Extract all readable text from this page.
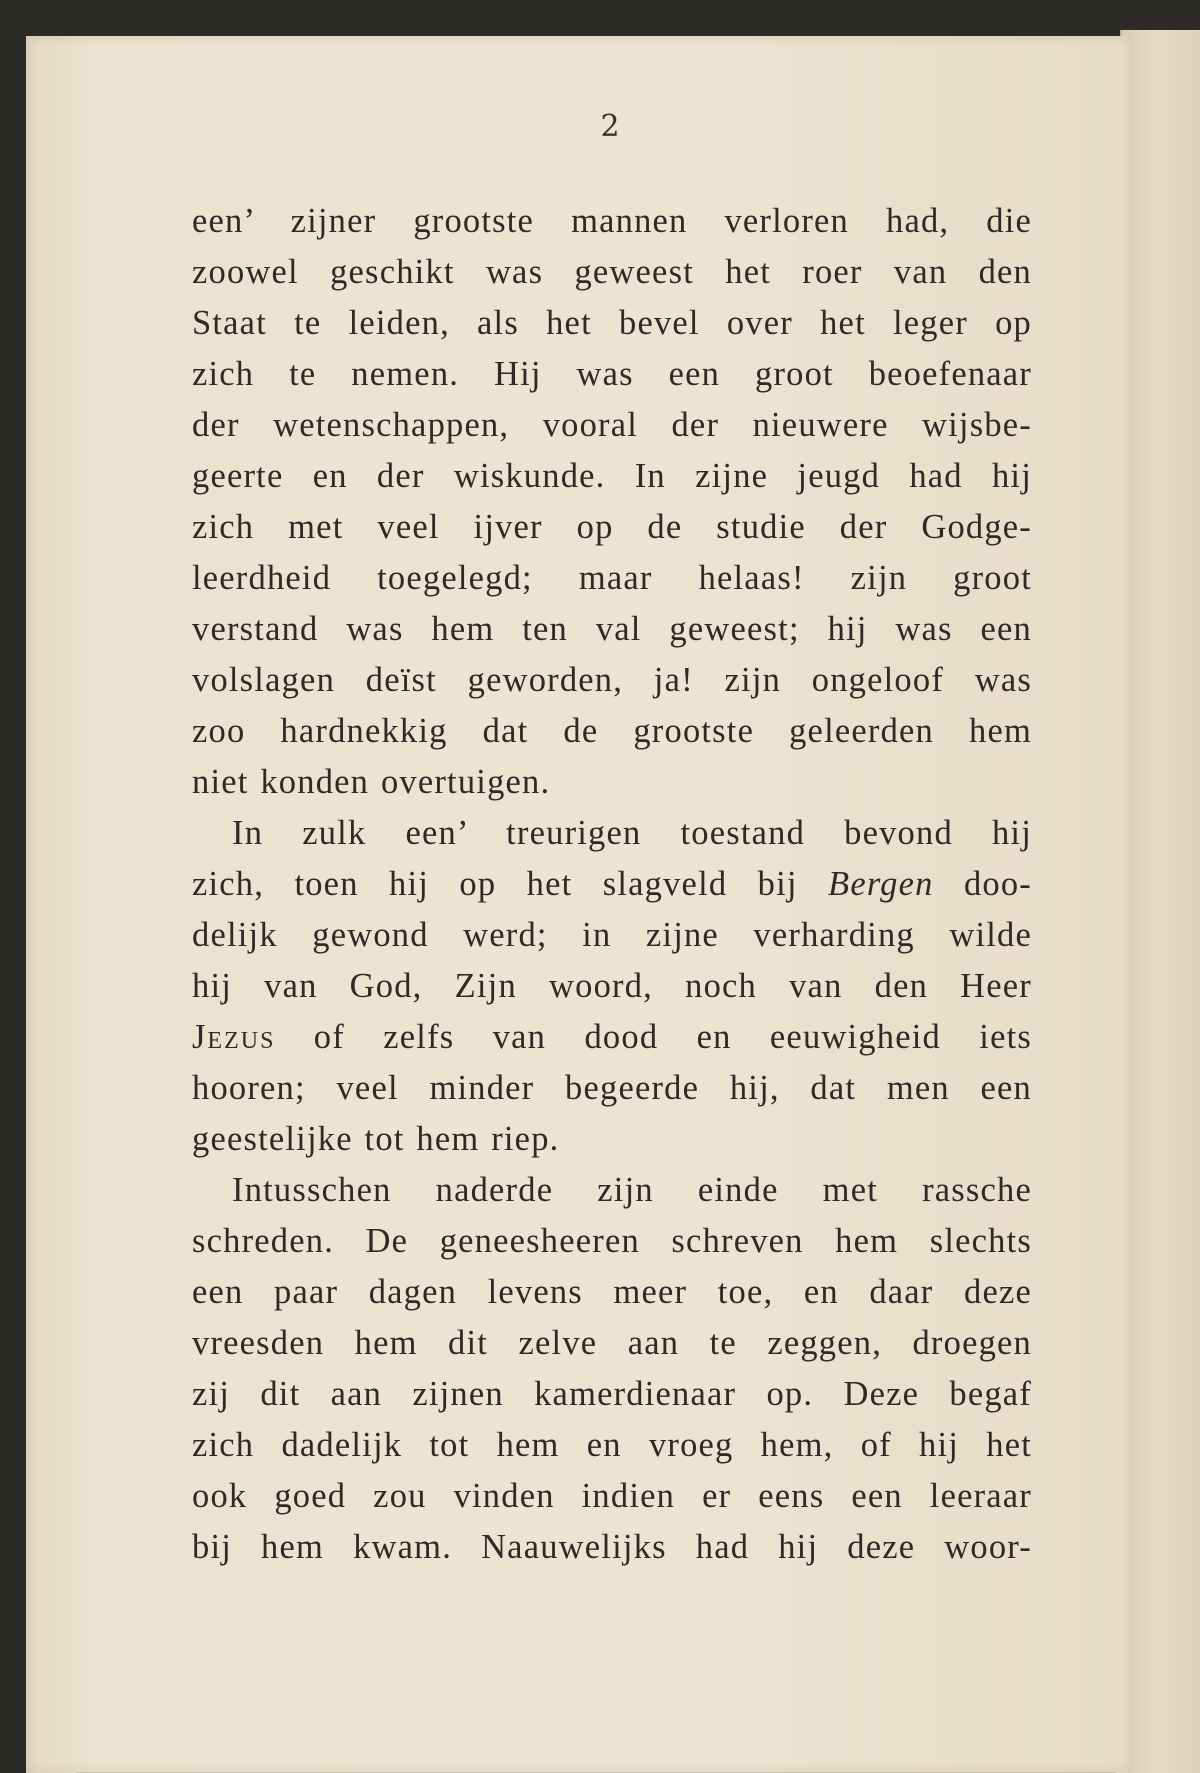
2
een’ zijner grootste mannen verloren had, die
zoowel geschikt was geweest het roer van den
Staat te leiden, als het bevel over het leger op
zich te nemen. Hij was een groot beoefenaar
der wetenschappen, vooral der nieuwere wijsbe-
geerte en der wiskunde. In zijne jeugd had hij
zich met veel ijver op de studie der Godge-
leerdheid toegelegd; maar helaas! zijn groot
verstand was hem ten val geweest; hij was een
volslagen deïst geworden, ja! zijn ongeloof was
zoo hardnekkig dat de grootste geleerden hem
niet konden overtuigen.
In zulk een’ treurigen toestand bevond hij
zich, toen hij op het slagveld bij Bergen doo-
delijk gewond werd; in zijne verharding wilde
hij van God, Zijn woord, noch van den Heer
Jezus of zelfs van dood en eeuwigheid iets
hooren; veel minder begeerde hij, dat men een
geestelijke tot hem riep.
Intusschen naderde zijn einde met rassche
schreden. De geneesheeren schreven hem slechts
een paar dagen levens meer toe, en daar deze
vreesden hem dit zelve aan te zeggen, droegen
zij dit aan zijnen kamerdienaar op. Deze begaf
zich dadelijk tot hem en vroeg hem, of hij het
ook goed zou vinden indien er eens een leeraar
bij hem kwam. Naauwelijks had hij deze woor-
